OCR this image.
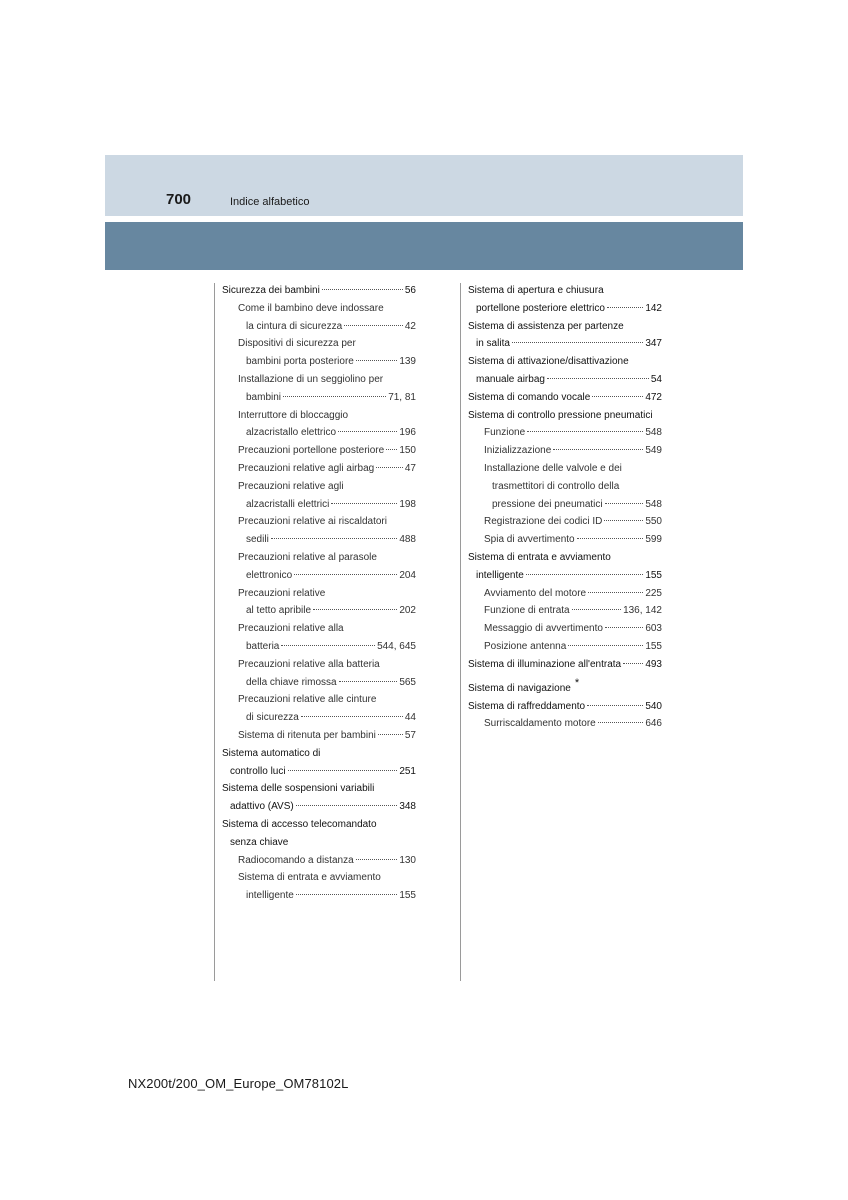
700	Indice alfabetico
Sicurezza dei bambini	56
Come il bambino deve indossare
la cintura di sicurezza	42
Dispositivi di sicurezza per
bambini porta posteriore	139
Installazione di un seggiolino per
bambini	71, 81
Interruttore di bloccaggio
alzacristallo elettrico	196
Precauzioni portellone posteriore 150
Precauzioni relative agli airbag	47
Precauzioni relative agli
alzacristalli elettrici	198
Precauzioni relative ai riscaldatori
sedili	488
Precauzioni relative al parasole
elettronico	204
Precauzioni relative
al tetto apribile	202
Precauzioni relative alla
batteria	544, 645
Precauzioni relative alla batteria
della chiave rimossa	565
Precauzioni relative alle cinture
di sicurezza	44
Sistema di ritenuta per bambini	57
Sistema automatico di
controllo luci	251
Sistema delle sospensioni variabili
adattivo (AVS)	348
Sistema di accesso telecomandato
senza chiave
Radiocomando a distanza	130
Sistema di entrata e avviamento
intelligente	155
Sistema di apertura e chiusura
portellone posteriore elettrico	142
Sistema di assistenza per partenze
in salita	347
Sistema di attivazione/disattivazione
manuale airbag	54
Sistema di comando vocale	472
Sistema di controllo pressione pneumatici
Funzione	548
Inizializzazione	549
Installazione delle valvole e dei
trasmettitori di controllo della
pressione dei pneumatici	548
Registrazione dei codici ID	550
Spia di avvertimento	599
Sistema di entrata e avviamento
intelligente	155
Avviamento del motore	225
Funzione di entrata	136, 142
Messaggio di avvertimento	603
Posizione antenna	155
Sistema di illuminazione all'entrata 493
Sistema di navigazione *
Sistema di raffreddamento	540
Surriscaldamento motore	646
NX200t/200_OM_Europe_OM78102L
